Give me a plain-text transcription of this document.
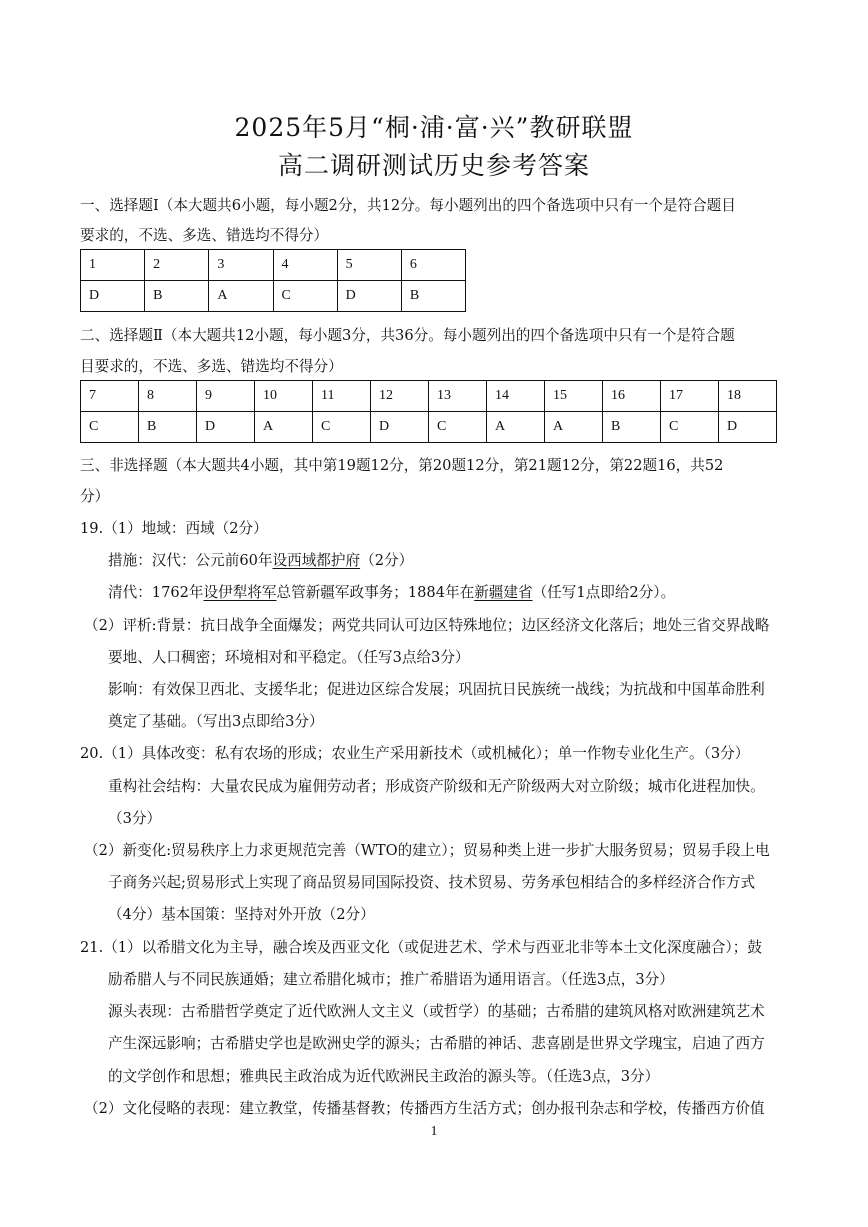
2025年5月“桐·浦·富·兴”教研联盟
高二调研测试历史参考答案
一、选择题Ⅰ（本大题共6小题，每小题2分，共12分。每小题列出的四个备选项中只有一个是符合题目
要求的，不选、多选、错选均不得分）
1	2	3	4	5	6
D	B	A	C	D	B
二、选择题Ⅱ（本大题共12小题，每小题3分，共36分。每小题列出的四个备选项中只有一个是符合题
目要求的，不选、多选、错选均不得分）
7	8	9	10	11	12	13	14	15	16	17	18
C	B	D	A	C	D	C	A	A	B	C	D
三、非选择题（本大题共4小题，其中第19题12分，第20题12分，第21题12分，第22题16，共52
分）
19.（1）地域：西域（2分）
措施：汉代：公元前60年设西域都护府（2分）
清代：1762年设伊犁将军总管新疆军政事务；1884年在新疆建省（任写1点即给2分）。
（2）评析:背景：抗日战争全面爆发；两党共同认可边区特殊地位；边区经济文化落后；地处三省交界战略
要地、人口稠密；环境相对和平稳定。（任写3点给3分）
影响：有效保卫西北、支援华北；促进边区综合发展；巩固抗日民族统一战线；为抗战和中国革命胜利
奠定了基础。（写出3点即给3分）
20.（1）具体改变：私有农场的形成；农业生产采用新技术（或机械化）；单一作物专业化生产。（3分）
重构社会结构：大量农民成为雇佣劳动者；形成资产阶级和无产阶级两大对立阶级；城市化进程加快。
（3分）
（2）新变化:贸易秩序上力求更规范完善（WTO的建立）；贸易种类上进一步扩大服务贸易；贸易手段上电
子商务兴起;贸易形式上实现了商品贸易同国际投资、技术贸易、劳务承包相结合的多样经济合作方式
（4分）基本国策：坚持对外开放（2分）
21.（1）以希腊文化为主导，融合埃及西亚文化（或促进艺术、学术与西亚北非等本土文化深度融合）；鼓
励希腊人与不同民族通婚；建立希腊化城市；推广希腊语为通用语言。（任选3点，3分）
源头表现：古希腊哲学奠定了近代欧洲人文主义（或哲学）的基础；古希腊的建筑风格对欧洲建筑艺术
产生深远影响；古希腊史学也是欧洲史学的源头；古希腊的神话、悲喜剧是世界文学瑰宝，启迪了西方
的文学创作和思想；雅典民主政治成为近代欧洲民主政治的源头等。（任选3点，3分）
（2）文化侵略的表现：建立教堂，传播基督教；传播西方生活方式；创办报刊杂志和学校，传播西方价值
1
